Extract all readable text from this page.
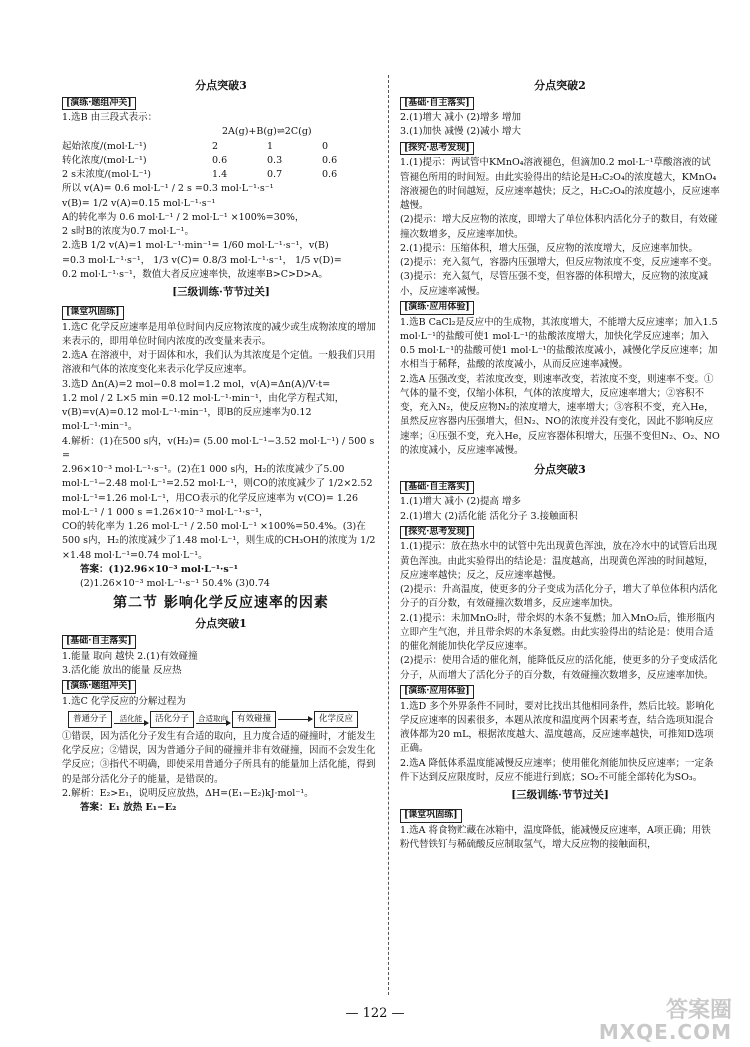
分点突破3

[演练·题组冲关]

1.选B 由三段式表示：

2A(g)+B(g)⇌2C(g)

起始浓度/(mol·L⁻¹)	2	1	0
转化浓度/(mol·L⁻¹)	0.6	0.3	0.6
2 s末浓度/(mol·L⁻¹)	1.4	0.7	0.6

所以 v(A)= 0.6 mol·L⁻¹ / 2 s =0.3 mol·L⁻¹·s⁻¹

v(B)= 1/2 v(A)=0.15 mol·L⁻¹·s⁻¹

A的转化率为 0.6 mol·L⁻¹ / 2 mol·L⁻¹ ×100%=30%，

2 s时B的浓度为0.7 mol·L⁻¹。

2.选B 1/2 v(A)=1 mol·L⁻¹·min⁻¹= 1/60 mol·L⁻¹·s⁻¹，v(B)

=0.3 mol·L⁻¹·s⁻¹， 1/3 v(C)= 0.8/3 mol·L⁻¹·s⁻¹， 1/5 v(D)=

0.2 mol·L⁻¹·s⁻¹，数值大者反应速率快，故速率B>C>D>A。

[三级训练·节节过关]

[课堂巩固练]

1.选C 化学反应速率是用单位时间内反应物浓度的减少或生成物浓度的增加来表示的，即用单位时间内浓度的改变量来表示。

2.选A 在溶液中，对于固体和水，我们认为其浓度是个定值。一般我们只用溶液和气体的浓度变化来表示化学反应速率。

3.选D Δn(A)=2 mol−0.8 mol=1.2 mol，v(A)=Δn(A)/V·t=

1.2 mol / 2 L×5 min =0.12 mol·L⁻¹·min⁻¹，由化学方程式知，v(B)=v(A)=0.12 mol·L⁻¹·min⁻¹，即B的反应速率为0.12 mol·L⁻¹·min⁻¹。

4.解析：(1)在500 s内，v(H₂)= (5.00 mol·L⁻¹−3.52 mol·L⁻¹) / 500 s =

2.96×10⁻³ mol·L⁻¹·s⁻¹。(2)在1 000 s内，H₂的浓度减少了5.00 mol·L⁻¹−2.48 mol·L⁻¹=2.52 mol·L⁻¹，则CO的浓度减少了 1/2×2.52 mol·L⁻¹=1.26 mol·L⁻¹，用CO表示的化学反应速率为 v(CO)= 1.26 mol·L⁻¹ / 1 000 s =1.26×10⁻³ mol·L⁻¹·s⁻¹，

CO的转化率为 1.26 mol·L⁻¹ / 2.50 mol·L⁻¹ ×100%=50.4%。(3)在500 s内，H₂的浓度减少了1.48 mol·L⁻¹，则生成的CH₃OH的浓度为 1/2 ×1.48 mol·L⁻¹=0.74 mol·L⁻¹。

答案：(1)2.96×10⁻³ mol·L⁻¹·s⁻¹

(2)1.26×10⁻³ mol·L⁻¹·s⁻¹ 50.4% (3)0.74

第二节 影响化学反应速率的因素

分点突破1

[基础·自主落实]

1.能量 取向 越快 2.(1)有效碰撞

3.活化能 放出的能量 反应热

[演练·题组冲关]

1.选C 化学反应的分解过程为

普通分子	活化能	活化分子	合适取向	有效碰撞	化学反应

①错误，因为活化分子发生有合适的取向，且力度合适的碰撞时，才能发生化学反应；②错误，因为普通分子间的碰撞并非有效碰撞，因而不会发生化学反应；③指代不明确，即使采用普通分子所具有的能量加上活化能，得到的是部分活化分子的能量，是错误的。

2.解析：E₂>E₁，说明反应放热，ΔH=(E₁−E₂)kJ·mol⁻¹。

答案：E₁ 放热 E₁−E₂

分点突破2

[基础·自主落实]

2.(1)增大 减小 (2)增多 增加

3.(1)加快 减慢 (2)减小 增大

[探究·思考发现]

1.(1)提示：两试管中KMnO₄溶液褪色，但滴加0.2 mol·L⁻¹草酸溶液的试管褪色所用的时间短。由此实验得出的结论是H₂C₂O₄的浓度越大，KMnO₄溶液褪色的时间越短，反应速率越快；反之，H₂C₂O₄的浓度越小，反应速率越慢。

(2)提示：增大反应物的浓度，即增大了单位体积内活化分子的数目，有效碰撞次数增多，反应速率加快。

2.(1)提示：压缩体积，增大压强，反应物的浓度增大，反应速率加快。

(2)提示：充入氦气，容器内压强增大，但反应物浓度不变，反应速率不变。

(3)提示：充入氦气，尽管压强不变，但容器的体积增大，反应物的浓度减小，反应速率减慢。

[演练·应用体验]

1.选B CaCl₂是反应中的生成物，其浓度增大，不能增大反应速率；加入1.5 mol·L⁻¹的盐酸可使1 mol·L⁻¹的盐酸浓度增大，加快化学反应速率；加入0.5 mol·L⁻¹的盐酸可使1 mol·L⁻¹的盐酸浓度减小，减慢化学反应速率；加水相当于稀释，盐酸的浓度减小，从而反应速率减慢。

2.选A 压强改变，若浓度改变，则速率改变，若浓度不变，则速率不变。①气体的量不变，仅缩小体积，气体的浓度增大，反应速率增大；②容积不变，充入N₂，使反应物N₂的浓度增大，速率增大；③容积不变，充入He，虽然反应容器内压强增大，但N₂、NO的浓度并没有变化，因此不影响反应速率；④压强不变，充入He，反应容器体积增大，压强不变但N₂、O₂、NO的浓度减小，反应速率减慢。

分点突破3

[基础·自主落实]

1.(1)增大 减小 (2)提高 增多

2.(1)增大 (2)活化能 活化分子 3.接触面积

[探究·思考发现]

1.(1)提示：放在热水中的试管中先出现黄色浑浊，放在冷水中的试管后出现黄色浑浊。由此实验得出的结论是：温度越高，出现黄色浑浊的时间越短，反应速率越快；反之，反应速率越慢。

(2)提示：升高温度，使更多的分子变成为活化分子，增大了单位体积内活化分子的百分数，有效碰撞次数增多，反应速率加快。

2.(1)提示：未加MnO₂时，带余烬的木条不复燃；加入MnO₂后，锥形瓶内立即产生气泡，并且带余烬的木条复燃。由此实验得出的结论是：使用合适的催化剂能加快化学反应速率。

(2)提示：使用合适的催化剂，能降低反应的活化能，使更多的分子变成活化分子，从而增大了活化分子的百分数，有效碰撞次数增多，反应速率加快。

[演练·应用体验]

1.选D 多个外界条件不同时，要对比找出其他相同条件，然后比较。影响化学反应速率的因素很多，本题从浓度和温度两个因素考查，结合选项知混合液体都为20 mL，根据浓度越大、温度越高，反应速率越快，可推知D选项正确。

2.选A 降低体系温度能减慢反应速率；使用催化剂能加快反应速率；一定条件下达到反应限度时，反应不能进行到底；SO₂不可能全部转化为SO₃。

[三级训练·节节过关]

[课堂巩固练]

1.选A 将食物贮藏在冰箱中，温度降低，能减慢反应速率，A项正确；用铁粉代替铁钉与稀硫酸反应制取氢气，增大反应物的接触面积，

— 122 —	答案圈
MXQE.COM
